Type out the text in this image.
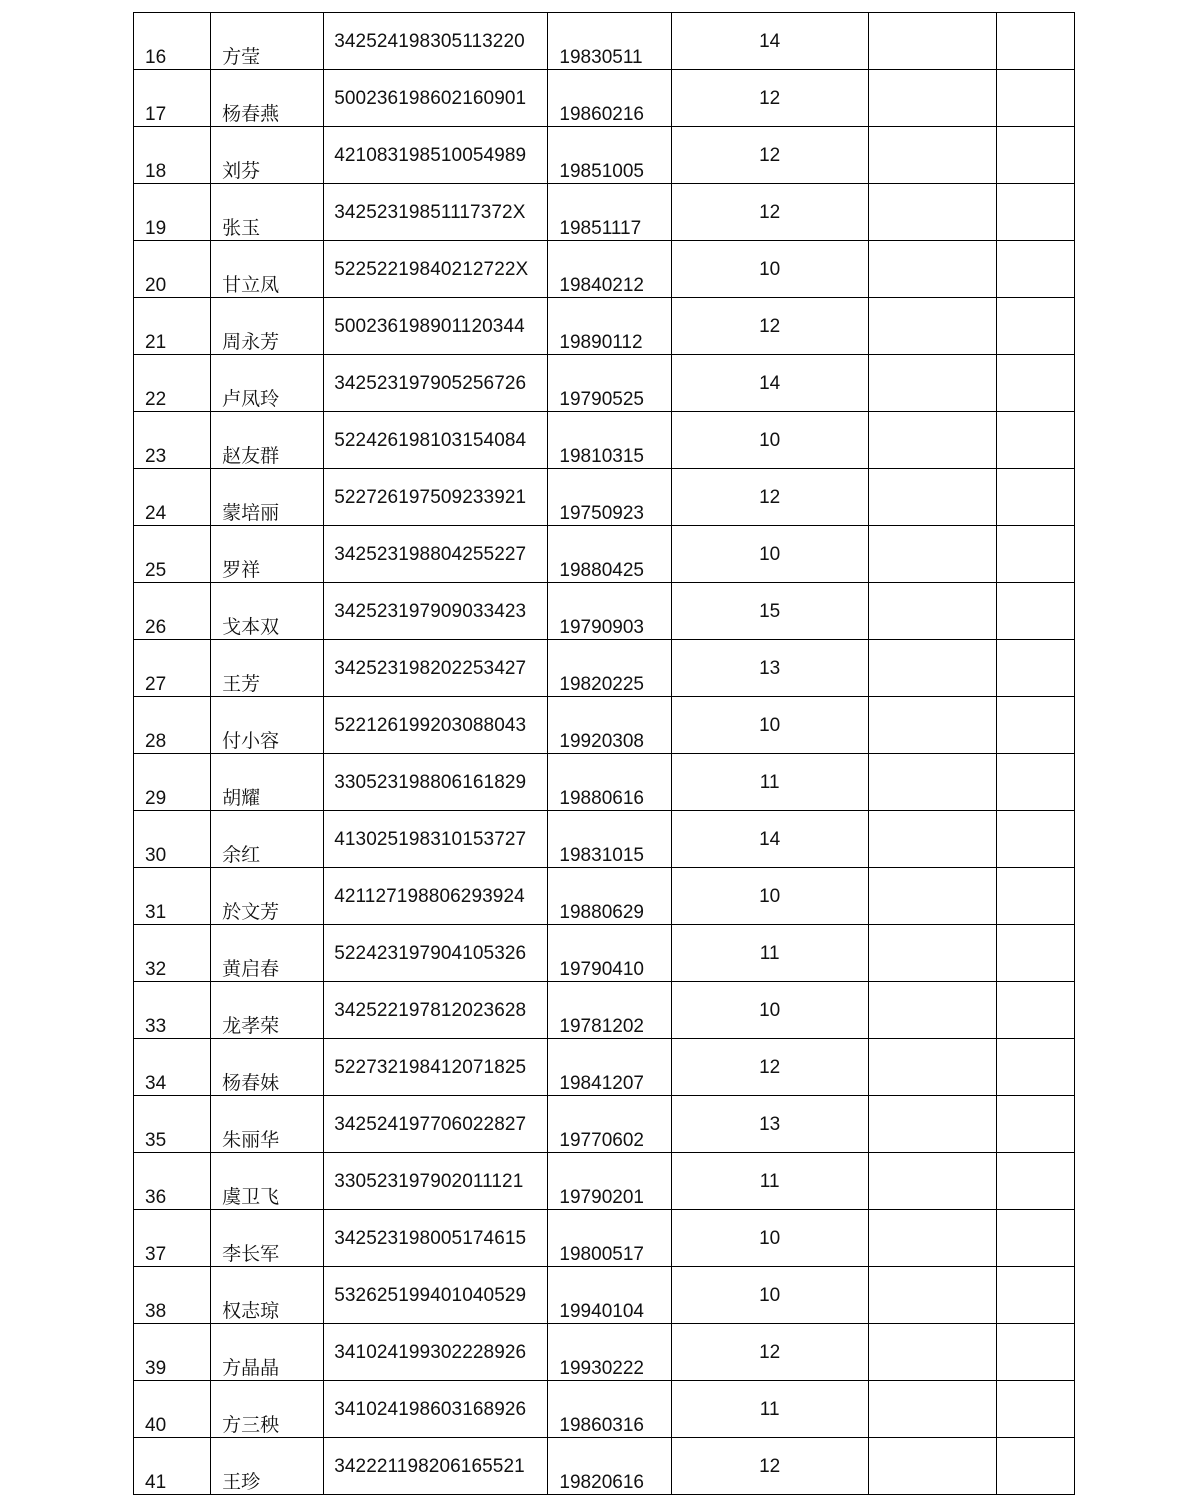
16	方莹	342524198305113220	19830511	14		

17	杨春燕	500236198602160901	19860216	12		

18	刘芬	421083198510054989	19851005	12		

19	张玉	34252319851117372X	19851117	12		

20	甘立凤	52252219840212722X	19840212	10		

21	周永芳	500236198901120344	19890112	12		

22	卢凤玲	342523197905256726	19790525	14		

23	赵友群	522426198103154084	19810315	10		

24	蒙培丽	522726197509233921	19750923	12		

25	罗祥	342523198804255227	19880425	10		

26	戈本双	342523197909033423	19790903	15		

27	王芳	342523198202253427	19820225	13		

28	付小容	522126199203088043	19920308	10		

29	胡耀	330523198806161829	19880616	11		

30	余红	413025198310153727	19831015	14		

31	於文芳	421127198806293924	19880629	10		

32	黄启春	522423197904105326	19790410	11		

33	龙孝荣	342522197812023628	19781202	10		

34	杨春妹	522732198412071825	19841207	12		

35	朱丽华	342524197706022827	19770602	13		

36	虞卫飞	330523197902011121	19790201	11		

37	李长军	342523198005174615	19800517	10		

38	权志琼	532625199401040529	19940104	10		

39	方晶晶	341024199302228926	19930222	12		

40	方三秧	341024198603168926	19860316	11		

41	王珍	342221198206165521	19820616	12		
